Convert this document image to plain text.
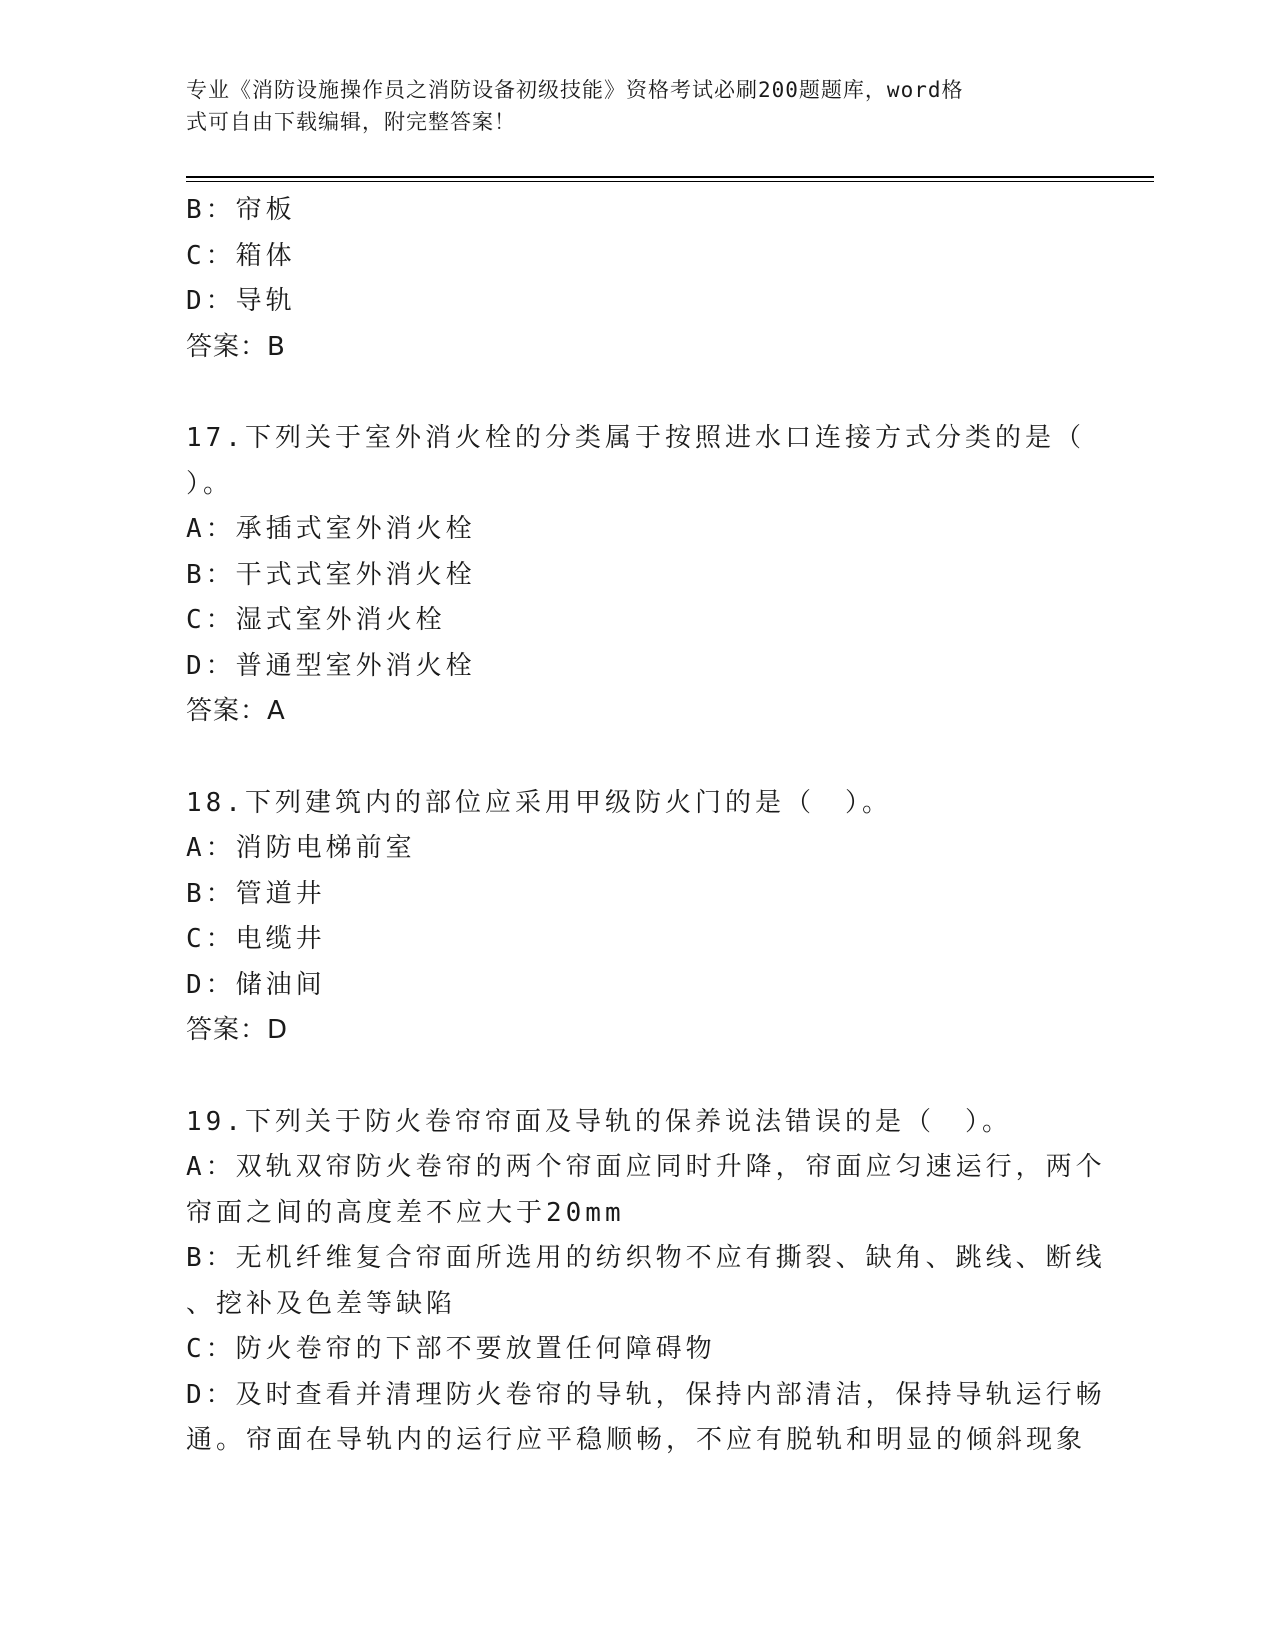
专业《消防设施操作员之消防设备初级技能》资格考试必刷200题题库，word格
式可自由下载编辑，附完整答案！
B：帘板
C：箱体
D：导轨
答案：B
17.下列关于室外消火栓的分类属于按照进水口连接方式分类的是（
）。
A：承插式室外消火栓
B：干式式室外消火栓
C：湿式室外消火栓
D：普通型室外消火栓
答案：A
18.下列建筑内的部位应采用甲级防火门的是（　）。
A：消防电梯前室
B：管道井
C：电缆井
D：储油间
答案：D
19.下列关于防火卷帘帘面及导轨的保养说法错误的是（　）。
A：双轨双帘防火卷帘的两个帘面应同时升降，帘面应匀速运行，两个
帘面之间的高度差不应大于20mm
B：无机纤维复合帘面所选用的纺织物不应有撕裂、缺角、跳线、断线
、挖补及色差等缺陷
C：防火卷帘的下部不要放置任何障碍物
D：及时查看并清理防火卷帘的导轨，保持内部清洁，保持导轨运行畅
通。帘面在导轨内的运行应平稳顺畅，不应有脱轨和明显的倾斜现象
